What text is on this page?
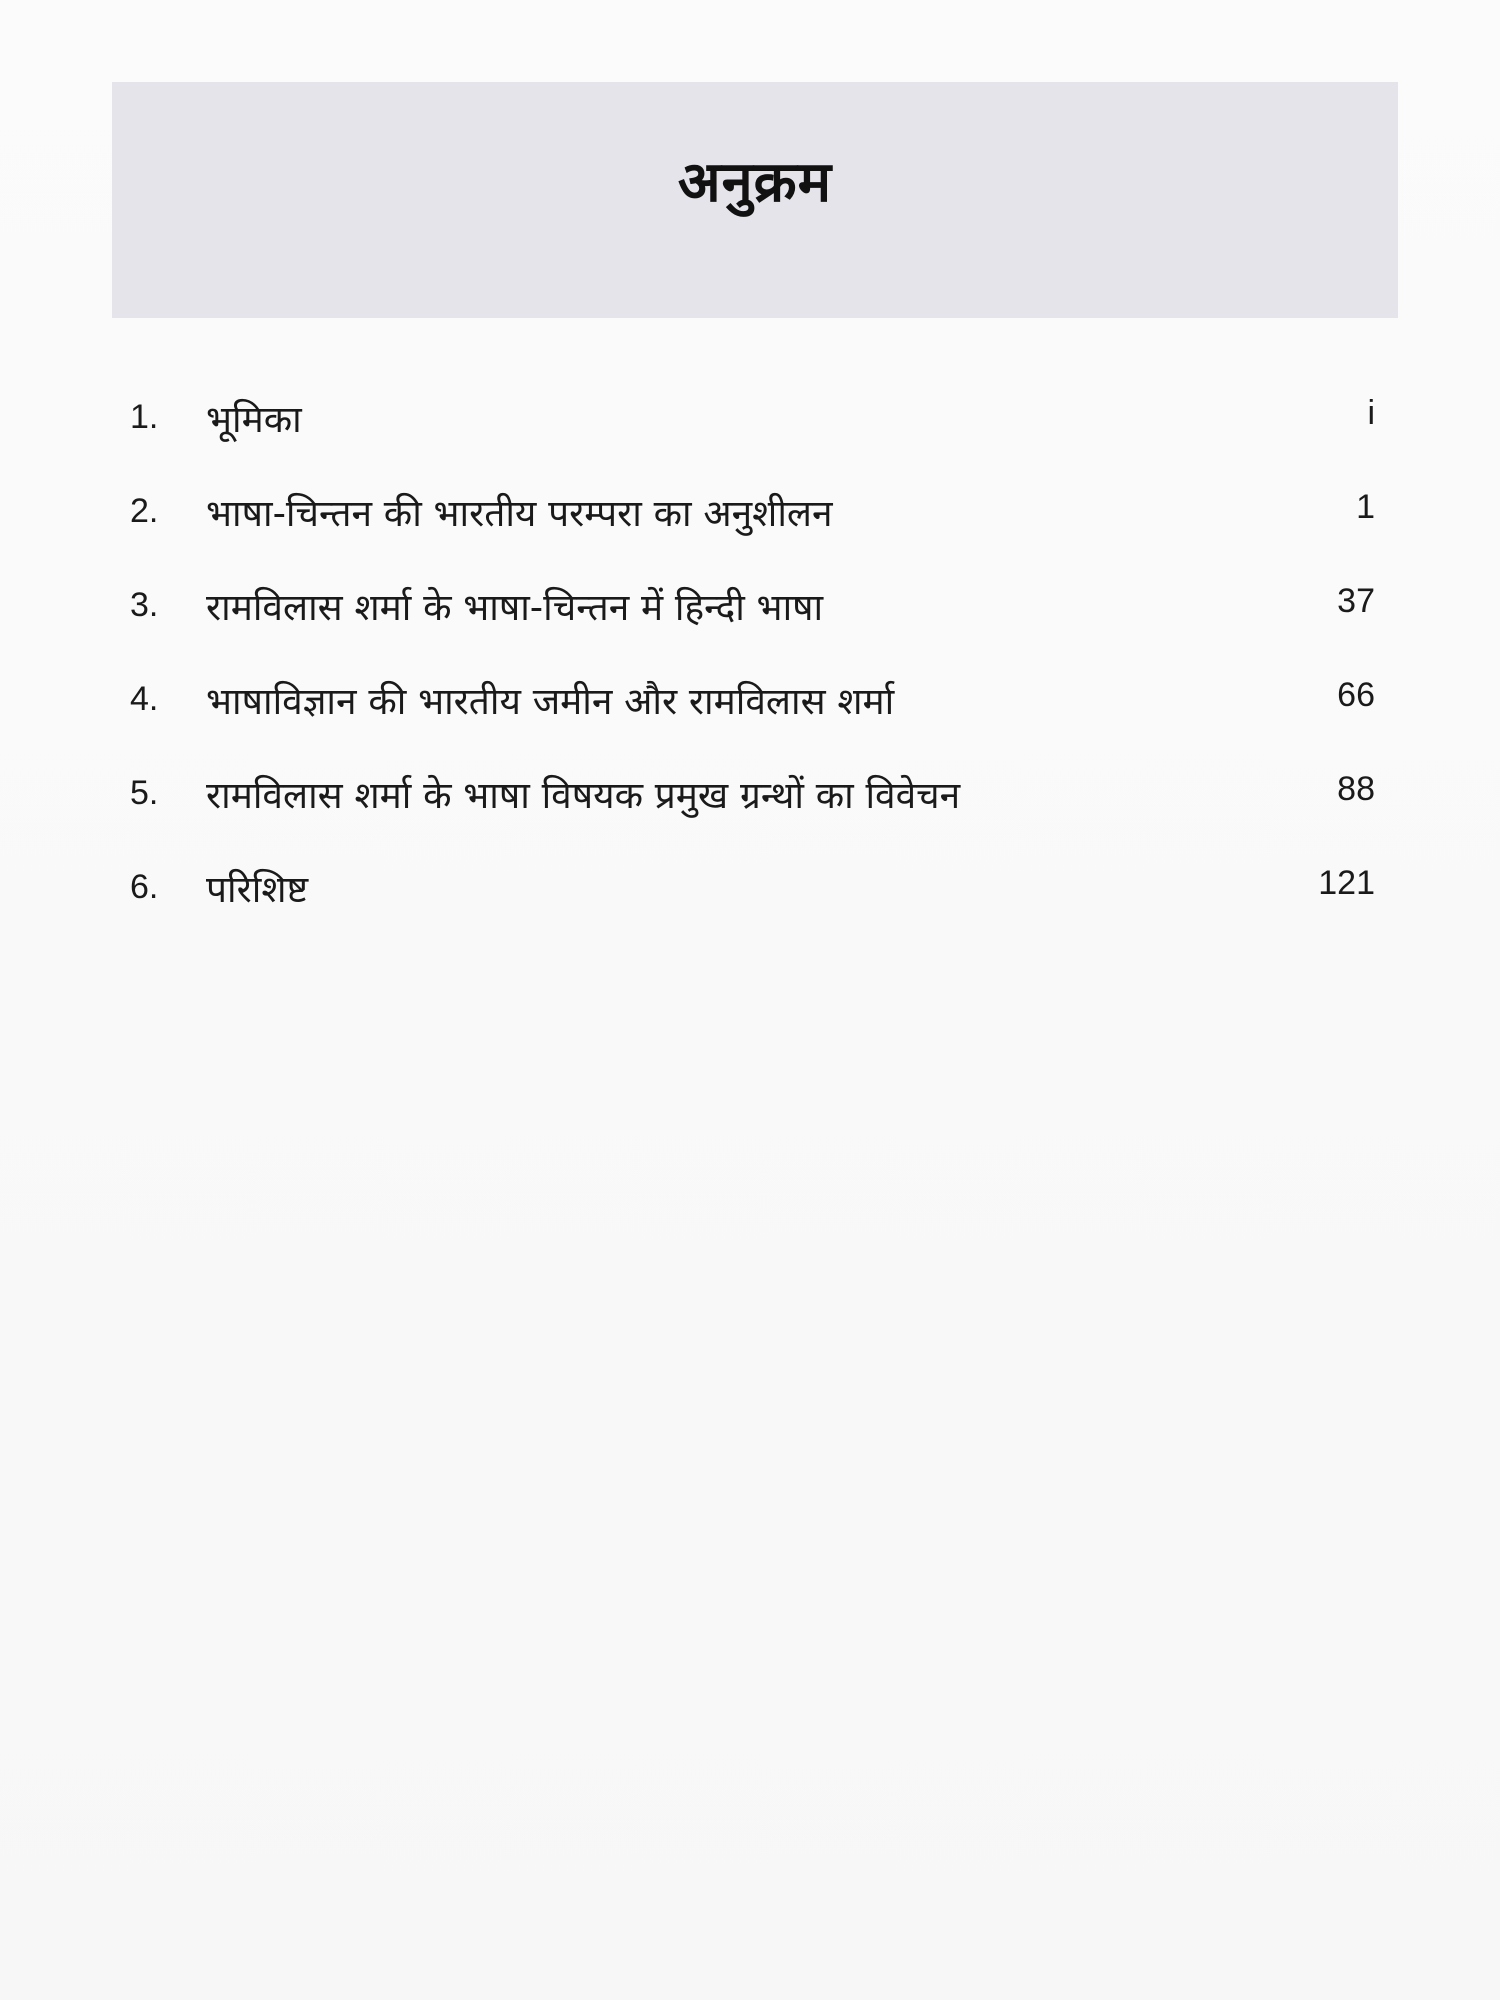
अनुक्रम
1.	भूमिका	i
2.	भाषा-चिन्तन की भारतीय परम्परा का अनुशीलन	1
3.	रामविलास शर्मा के भाषा-चिन्तन में हिन्दी भाषा	37
4.	भाषाविज्ञान की भारतीय जमीन और रामविलास शर्मा	66
5.	रामविलास शर्मा के भाषा विषयक प्रमुख ग्रन्थों का विवेचन	88
6.	परिशिष्ट	121
